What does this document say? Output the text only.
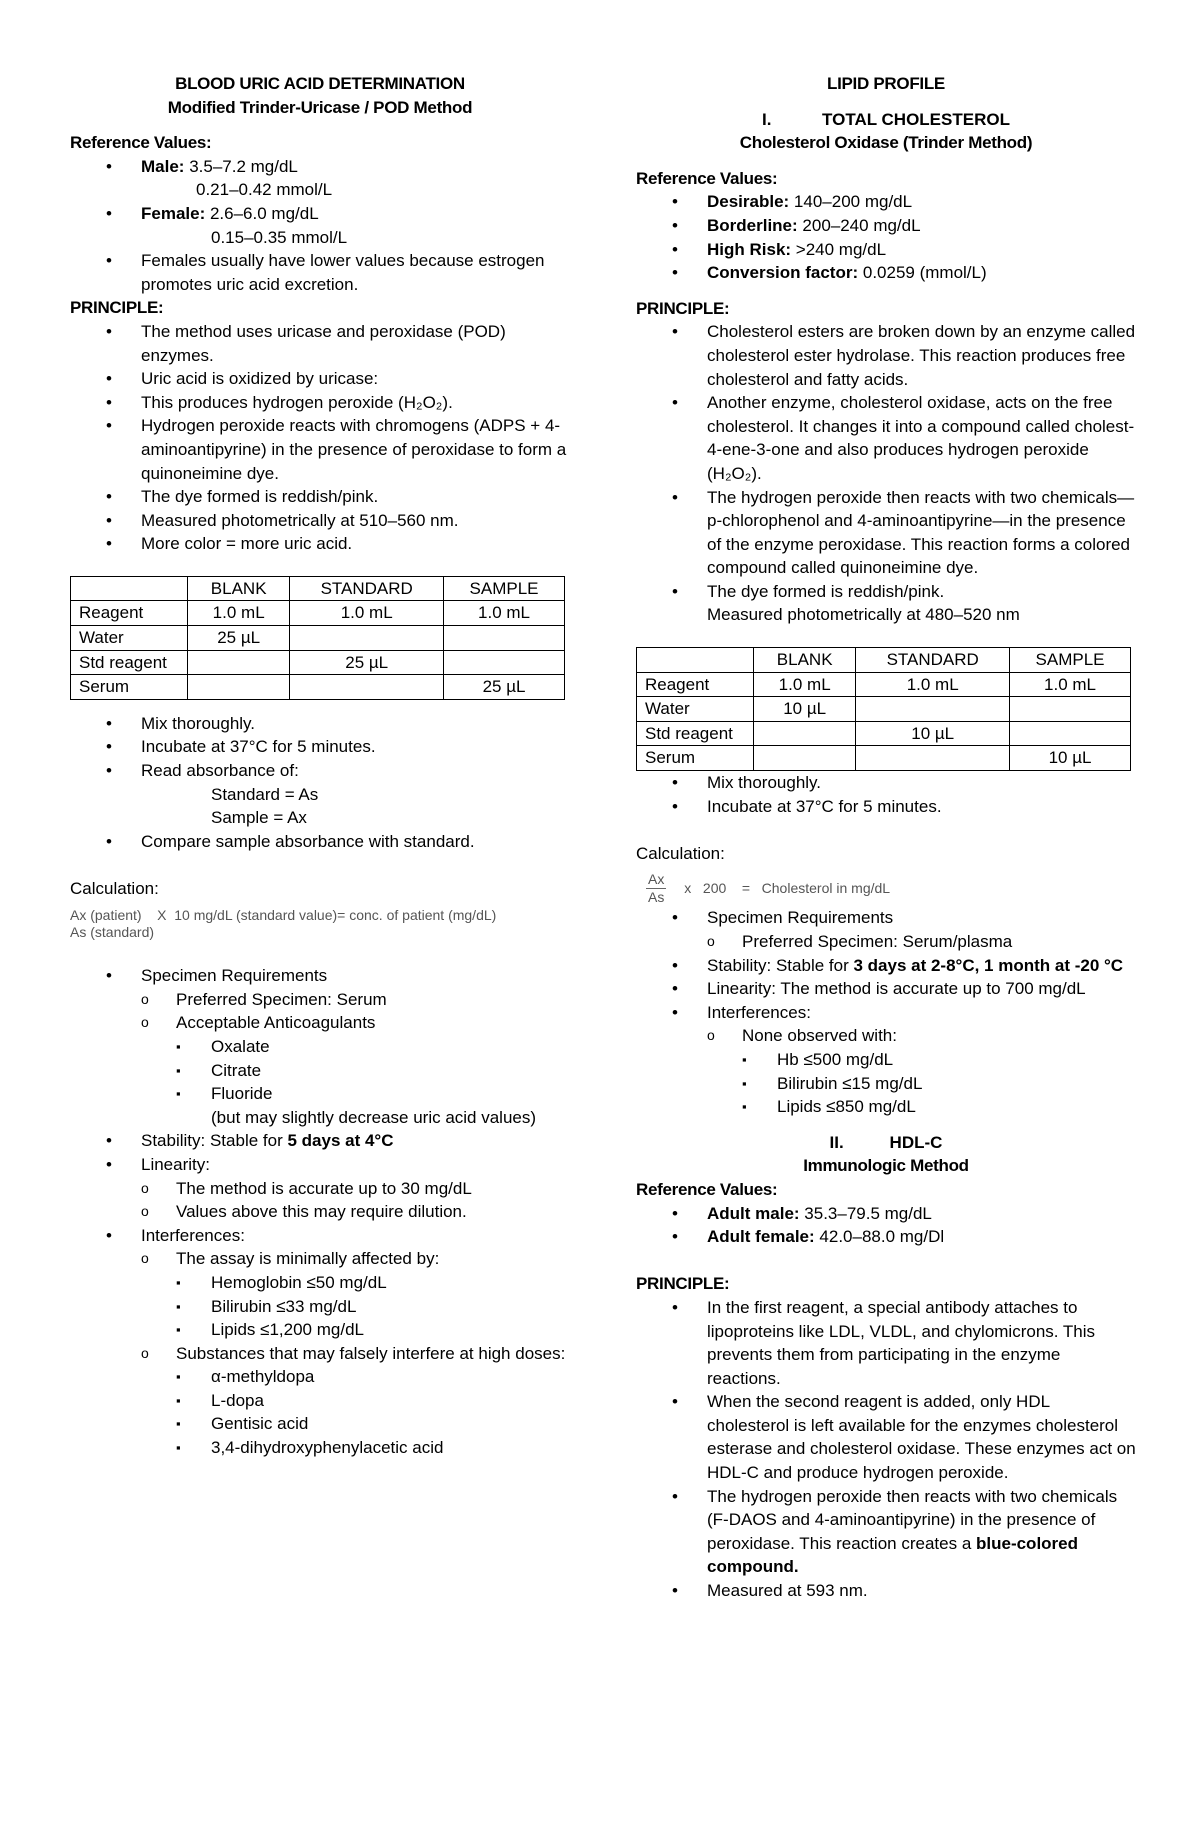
BLOOD URIC ACID DETERMINATION

Modified Trinder-Uricase / POD Method

Reference Values:

• Male: 3.5–7.2 mg/dL
0.21–0.42 mmol/L
• Female: 2.6–6.0 mg/dL
0.15–0.35 mmol/L
• Females usually have lower values because estrogen promotes uric acid excretion.

PRINCIPLE:

• The method uses uricase and peroxidase (POD) enzymes.
• Uric acid is oxidized by uricase:
• This produces hydrogen peroxide (H₂O₂).
• Hydrogen peroxide reacts with chromogens (ADPS + 4-aminoantipyrine) in the presence of peroxidase to form a quinoneimine dye.
• The dye formed is reddish/pink.
• Measured photometrically at 510–560 nm.
• More color = more uric acid.
	BLANK	STANDARD	SAMPLE
Reagent	1.0 mL	1.0 mL	1.0 mL
Water	25 µL		
Std reagent		25 µL	
Serum			25 µL
• Mix thoroughly.
• Incubate at 37°C for 5 minutes.
• Read absorbance of:
Standard = As
Sample = Ax
• Compare sample absorbance with standard.

Calculation:

Ax (patient)    X  10 mg/dL (standard value)= conc. of patient (mg/dL)
As (standard)
• Specimen Requirements
o Preferred Specimen: Serum
o Acceptable Anticoagulants
▪ Oxalate
▪ Citrate
▪ Fluoride
(but may slightly decrease uric acid values)
• Stability: Stable for 5 days at 4°C
• Linearity:
o The method is accurate up to 30 mg/dL
o Values above this may require dilution.
• Interferences:
o The assay is minimally affected by:
▪ Hemoglobin ≤50 mg/dL
▪ Bilirubin ≤33 mg/dL
▪ Lipids ≤1,200 mg/dL
o Substances that may falsely interfere at high doses:
▪ α-methyldopa
▪ L-dopa
▪ Gentisic acid
▪ 3,4-dihydroxyphenylacetic acid

LIPID PROFILE

I.	TOTAL CHOLESTEROL

Cholesterol Oxidase (Trinder Method)

Reference Values:

• Desirable: 140–200 mg/dL
• Borderline: 200–240 mg/dL
• High Risk: >240 mg/dL
• Conversion factor: 0.0259 (mmol/L)

PRINCIPLE:

• Cholesterol esters are broken down by an enzyme called cholesterol ester hydrolase. This reaction produces free cholesterol and fatty acids.
• Another enzyme, cholesterol oxidase, acts on the free cholesterol. It changes it into a compound called cholest-4-ene-3-one and also produces hydrogen peroxide (H₂O₂).
• The hydrogen peroxide then reacts with two chemicals—p-chlorophenol and 4-aminoantipyrine—in the presence of the enzyme peroxidase. This reaction forms a colored compound called quinoneimine dye.
• The dye formed is reddish/pink.
Measured photometrically at 480–520 nm
	BLANK	STANDARD	SAMPLE
Reagent	1.0 mL	1.0 mL	1.0 mL
Water	10 µL		
Std reagent		10 µL	
Serum			10 µL
• Mix thoroughly.
• Incubate at 37°C for 5 minutes.

Calculation:

$\frac{Ax}{As}$ x   200    =   Cholesterol in mg/dL
• Specimen Requirements
o Preferred Specimen: Serum/plasma
• Stability: Stable for 3 days at 2-8°C, 1 month at -20 °C
• Linearity: The method is accurate up to 700 mg/dL
• Interferences:
o None observed with:
▪ Hb ≤500 mg/dL
▪ Bilirubin ≤15 mg/dL
▪ Lipids ≤850 mg/dL

II.	HDL-C

Immunologic Method

Reference Values:

• Adult male: 35.3–79.5 mg/dL
• Adult female: 42.0–88.0 mg/Dl

PRINCIPLE:

• In the first reagent, a special antibody attaches to lipoproteins like LDL, VLDL, and chylomicrons. This prevents them from participating in the enzyme reactions.
• When the second reagent is added, only HDL cholesterol is left available for the enzymes cholesterol esterase and cholesterol oxidase. These enzymes act on HDL-C and produce hydrogen peroxide.
• The hydrogen peroxide then reacts with two chemicals (F-DAOS and 4-aminoantipyrine) in the presence of peroxidase. This reaction creates a blue-colored compound.
• Measured at 593 nm.
